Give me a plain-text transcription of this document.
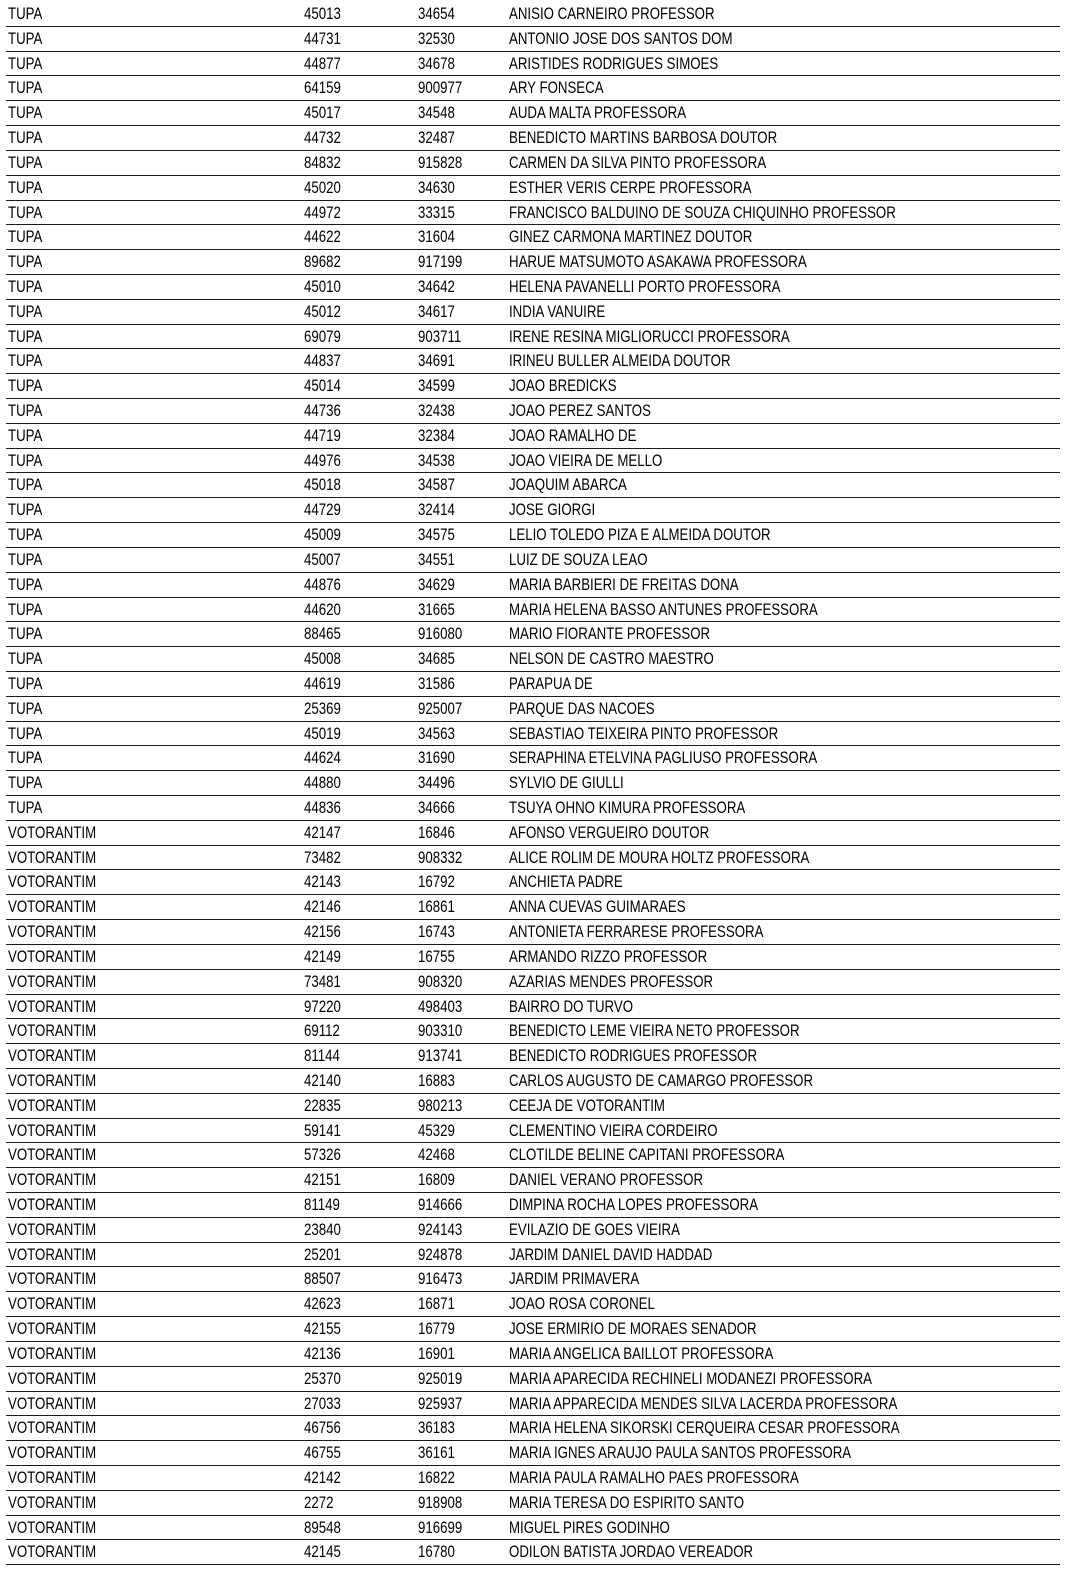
TUPA	45013	34654	ANISIO CARNEIRO PROFESSOR
TUPA	44731	32530	ANTONIO JOSE DOS SANTOS DOM
TUPA	44877	34678	ARISTIDES RODRIGUES SIMOES
TUPA	64159	900977	ARY FONSECA
TUPA	45017	34548	AUDA MALTA PROFESSORA
TUPA	44732	32487	BENEDICTO MARTINS BARBOSA DOUTOR
TUPA	84832	915828	CARMEN DA SILVA PINTO PROFESSORA
TUPA	45020	34630	ESTHER VERIS CERPE PROFESSORA
TUPA	44972	33315	FRANCISCO BALDUINO DE SOUZA CHIQUINHO PROFESSOR
TUPA	44622	31604	GINEZ CARMONA MARTINEZ DOUTOR
TUPA	89682	917199	HARUE MATSUMOTO ASAKAWA PROFESSORA
TUPA	45010	34642	HELENA PAVANELLI PORTO PROFESSORA
TUPA	45012	34617	INDIA VANUIRE
TUPA	69079	903711	IRENE RESINA MIGLIORUCCI PROFESSORA
TUPA	44837	34691	IRINEU BULLER ALMEIDA DOUTOR
TUPA	45014	34599	JOAO BREDICKS
TUPA	44736	32438	JOAO PEREZ SANTOS
TUPA	44719	32384	JOAO RAMALHO DE
TUPA	44976	34538	JOAO VIEIRA DE MELLO
TUPA	45018	34587	JOAQUIM ABARCA
TUPA	44729	32414	JOSE GIORGI
TUPA	45009	34575	LELIO TOLEDO PIZA E ALMEIDA DOUTOR
TUPA	45007	34551	LUIZ DE SOUZA LEAO
TUPA	44876	34629	MARIA BARBIERI DE FREITAS DONA
TUPA	44620	31665	MARIA HELENA BASSO ANTUNES PROFESSORA
TUPA	88465	916080	MARIO FIORANTE PROFESSOR
TUPA	45008	34685	NELSON DE CASTRO MAESTRO
TUPA	44619	31586	PARAPUA DE
TUPA	25369	925007	PARQUE DAS NACOES
TUPA	45019	34563	SEBASTIAO TEIXEIRA PINTO PROFESSOR
TUPA	44624	31690	SERAPHINA ETELVINA PAGLIUSO PROFESSORA
TUPA	44880	34496	SYLVIO DE GIULLI
TUPA	44836	34666	TSUYA OHNO KIMURA PROFESSORA
VOTORANTIM	42147	16846	AFONSO VERGUEIRO DOUTOR
VOTORANTIM	73482	908332	ALICE ROLIM DE MOURA HOLTZ PROFESSORA
VOTORANTIM	42143	16792	ANCHIETA PADRE
VOTORANTIM	42146	16861	ANNA CUEVAS GUIMARAES
VOTORANTIM	42156	16743	ANTONIETA FERRARESE PROFESSORA
VOTORANTIM	42149	16755	ARMANDO RIZZO PROFESSOR
VOTORANTIM	73481	908320	AZARIAS MENDES PROFESSOR
VOTORANTIM	97220	498403	BAIRRO DO TURVO
VOTORANTIM	69112	903310	BENEDICTO LEME VIEIRA NETO PROFESSOR
VOTORANTIM	81144	913741	BENEDICTO RODRIGUES PROFESSOR
VOTORANTIM	42140	16883	CARLOS AUGUSTO DE CAMARGO PROFESSOR
VOTORANTIM	22835	980213	CEEJA DE VOTORANTIM
VOTORANTIM	59141	45329	CLEMENTINO VIEIRA CORDEIRO
VOTORANTIM	57326	42468	CLOTILDE BELINE CAPITANI PROFESSORA
VOTORANTIM	42151	16809	DANIEL VERANO PROFESSOR
VOTORANTIM	81149	914666	DIMPINA ROCHA LOPES PROFESSORA
VOTORANTIM	23840	924143	EVILAZIO DE GOES VIEIRA
VOTORANTIM	25201	924878	JARDIM DANIEL DAVID HADDAD
VOTORANTIM	88507	916473	JARDIM PRIMAVERA
VOTORANTIM	42623	16871	JOAO ROSA CORONEL
VOTORANTIM	42155	16779	JOSE ERMIRIO DE MORAES SENADOR
VOTORANTIM	42136	16901	MARIA ANGELICA BAILLOT PROFESSORA
VOTORANTIM	25370	925019	MARIA APARECIDA RECHINELI MODANEZI PROFESSORA
VOTORANTIM	27033	925937	MARIA APPARECIDA MENDES SILVA LACERDA PROFESSORA
VOTORANTIM	46756	36183	MARIA HELENA SIKORSKI CERQUEIRA CESAR PROFESSORA
VOTORANTIM	46755	36161	MARIA IGNES ARAUJO PAULA SANTOS PROFESSORA
VOTORANTIM	42142	16822	MARIA PAULA RAMALHO PAES PROFESSORA
VOTORANTIM	2272	918908	MARIA TERESA DO ESPIRITO SANTO
VOTORANTIM	89548	916699	MIGUEL PIRES GODINHO
VOTORANTIM	42145	16780	ODILON BATISTA JORDAO VEREADOR
